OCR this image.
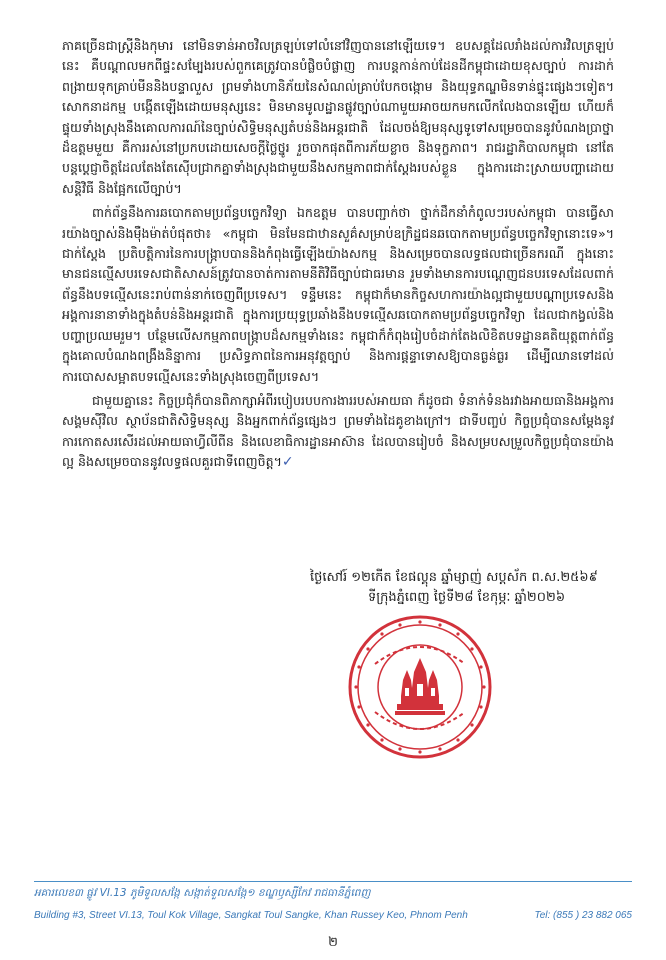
ភាគច្រើនជាស្ត្រីនិងកុមារ នៅមិនទាន់អាចវិលត្រឡប់ទៅលំនៅវិញបាននៅឡើយទេ។ ឧបសគ្គដែលរាំងដល់ការវិលត្រឡប់នេះ គឺបណ្តាលមកពីផ្ទះសម្បែងរបស់ពួកគេត្រូវបានបំផ្លិចបំផ្លាញ ការបន្តកាន់កាប់ដែនដីកម្ពុជាដោយខុសច្បាប់ ការដាក់ពង្រាយទុកគ្រាប់មីននិងបន្ទាលួស ព្រមទាំងហានិភ័យនៃសំណល់គ្រាប់បែកចង្កោម និងយុទ្ធភណ្ឌមិនទាន់ផ្ទុះផ្សេងៗទៀត។ សោកនាដកម្ម បង្កើតឡើងដោយមនុស្សនេះ មិនមានមូលដ្ឋានផ្លូវច្បាប់ណាមួយអាចយកមកលើកលែងបានឡើយ ហើយក៏ផ្ទុយទាំងស្រុងនឹងគោលការណ៍នៃច្បាប់សិទ្ធិមនុស្សតំបន់និងអន្តរជាតិ ដែលចង់ឱ្យមនុស្សទូទៅសម្រេចបាននូវបំណងប្រាថ្នាដ៏ឧត្តមមួយ គឺការរស់នៅប្រកបដោយសេចក្តីថ្លៃថ្នូរ រួចចាកផុតពីការភ័យខ្លាច និងទុក្ខភាព។ រាជរដ្ឋាភិបាលកម្ពុជា នៅតែបន្តប្តេជ្ញាចិត្តដែលតែងតែស៊ើបជ្រាកគ្នាទាំងស្រុងជាមួយនឹងសកម្មភាពជាក់ស្តែងរបស់ខ្លួន ក្នុងការដោះស្រាយបញ្ហាដោយសន្តិវិធី និងផ្អែកលើច្បាប់។

ពាក់ព័ន្ធនឹងការឆបោកតាមប្រព័ន្ធបច្ចេកវិទ្យា ឯកឧត្តម បានបញ្ជាក់ថា ថ្នាក់ដឹកនាំកំពូលៗរបស់កម្ពុជា បានធ្វើសារយ៉ាងច្បាស់និងម៉ឺងម៉ាត់បំផុតថា៖ «កម្ពុជា មិនមែនជាឋានសួគ៌សម្រាប់ឧក្រិដ្ឋជនឆបោកតាមប្រព័ន្ធបច្ចេកវិទ្យានោះទេ»។ ជាក់ស្តែង ប្រតិបត្តិការនៃការបង្ក្រាបបាននិងកំពុងធ្វើឡើងយ៉ាងសកម្ម និងសម្រេចបានលទ្ធផលជាច្រើនករណី ក្នុងនោះមានជនល្មើសបរទេសជាតិសាសន៍ត្រូវបានចាត់ការតាមនីតិវិធីច្បាប់ជាធរមាន រួមទាំងមានការបណ្តេញជនបរទេសដែលពាក់ព័ន្ធនឹងបទល្មើសនេះរាប់ពាន់នាក់ចេញពីប្រទេស។ ទន្ទឹមនេះ កម្ពុជាក៏មានកិច្ចសហការយ៉ាងល្អជាមួយបណ្តាប្រទេសនិងអង្គការនានាទាំងក្នុងតំបន់និងអន្តរជាតិ ក្នុងការប្រយុទ្ធប្រឆាំងនឹងបទល្មើសឆបោកតាមប្រព័ន្ធបច្ចេកវិទ្យា ដែលជាកង្វល់និងបញ្ហាប្រឈមរួម។ បន្ថែមលើសកម្មភាពបង្ក្រាបដ៏សកម្មទាំងនេះ កម្ពុជាក៏កំពុងរៀបចំដាក់តែងលិខិតបទដ្ឋានគតិយុត្តពាក់ព័ន្ធ ក្នុងគោលបំណងពង្រឹងនិន្នាការ ប្រសិទ្ធភាពនៃការអនុវត្តច្បាប់ និងការផ្តន្ទាទោសឱ្យបានធ្ងន់ធ្ងរ ដើម្បីឈានទៅដល់ការបោសសម្អាតបទល្មើសនេះទាំងស្រុងចេញពីប្រទេស។

ជាមួយគ្នានេះ កិច្ចប្រជុំក៏បានពិភាក្សាអំពីរបៀបរបបការងាររបស់អាយធា ក៏ដូចជា ទំនាក់ទំនងរវាងអាយធានិងអង្គការសង្គមស៊ីវិល ស្ថាប័នជាតិសិទ្ធិមនុស្ស និងអ្នកពាក់ព័ន្ធផ្សេងៗ ព្រមទាំងដៃគូខាងក្រៅ។ ជាទីបញ្ចប់ កិច្ចប្រជុំបានសម្តែងនូវការកោតសរសើរដល់អាយធាហ្វីលីពីន និងលេខាធិការដ្ឋានអាស៊ាន ដែលបានរៀបចំ និងសម្របសម្រួលកិច្ចប្រជុំបានយ៉ាងល្អ និងសម្រេចបាននូវលទ្ធផលគួរជាទីពេញចិត្ត។✓

ថ្ងៃសៅរ៍ ១២កើត ខែផល្គុន ឆ្នាំម្សាញ់ សប្តស័ក ព.ស.២៥៦៩
ទីក្រុងភ្នំពេញ ថ្ងៃទី២៨ ខែកុម្ភៈ ឆ្នាំ២០២៦
អគារលេខ៣ ផ្លូវ VI.13 ភូមិទួលសង្កែ សង្កាត់ទួលសង្កែ១ ខណ្ឌឫស្សីកែវ រាជធានីភ្នំពេញ
Building #3, Street VI.13, Toul Kok Village, Sangkat Toul Sangke, Khan Russey Keo, Phnom Penh	Tel: (855 ) 23 882 065
២
